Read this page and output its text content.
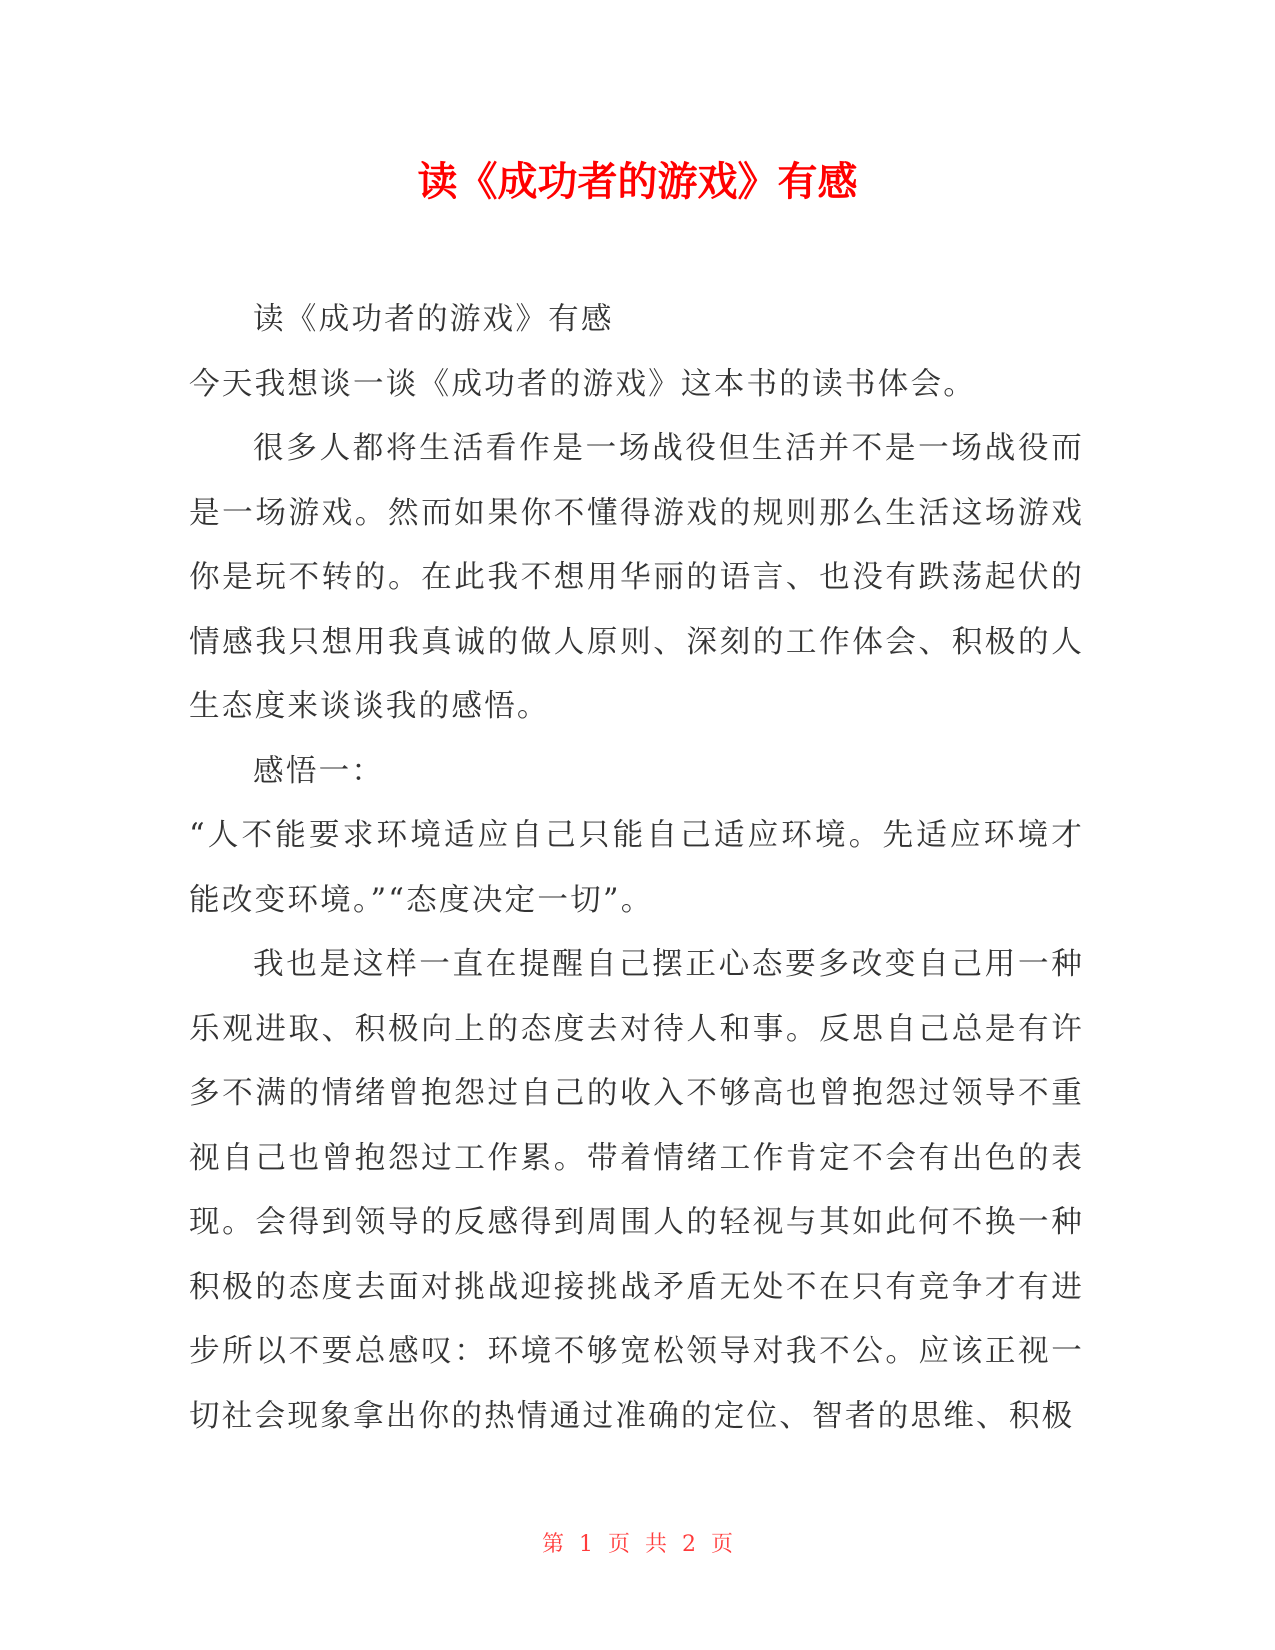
读《成功者的游戏》有感

读《成功者的游戏》有感

今天我想谈一谈《成功者的游戏》这本书的读书体会。

很多人都将生活看作是一场战役但生活并不是一场战役而是一场游戏。然而如果你不懂得游戏的规则那么生活这场游戏你是玩不转的。在此我不想用华丽的语言、也没有跌荡起伏的情感我只想用我真诚的做人原则、深刻的工作体会、积极的人生态度来谈谈我的感悟。

感悟一：

“人不能要求环境适应自己只能自己适应环境。先适应环境才能改变环境。”“态度决定一切”。

我也是这样一直在提醒自己摆正心态要多改变自己用一种乐观进取、积极向上的态度去对待人和事。反思自己总是有许多不满的情绪曾抱怨过自己的收入不够高也曾抱怨过领导不重视自己也曾抱怨过工作累。带着情绪工作肯定不会有出色的表现。会得到领导的反感得到周围人的轻视与其如此何不换一种积极的态度去面对挑战迎接挑战矛盾无处不在只有竞争才有进步所以不要总感叹：环境不够宽松领导对我不公。应该正视一切社会现象拿出你的热情通过准确的定位、智者的思维、积极

第 1 页 共 2 页
